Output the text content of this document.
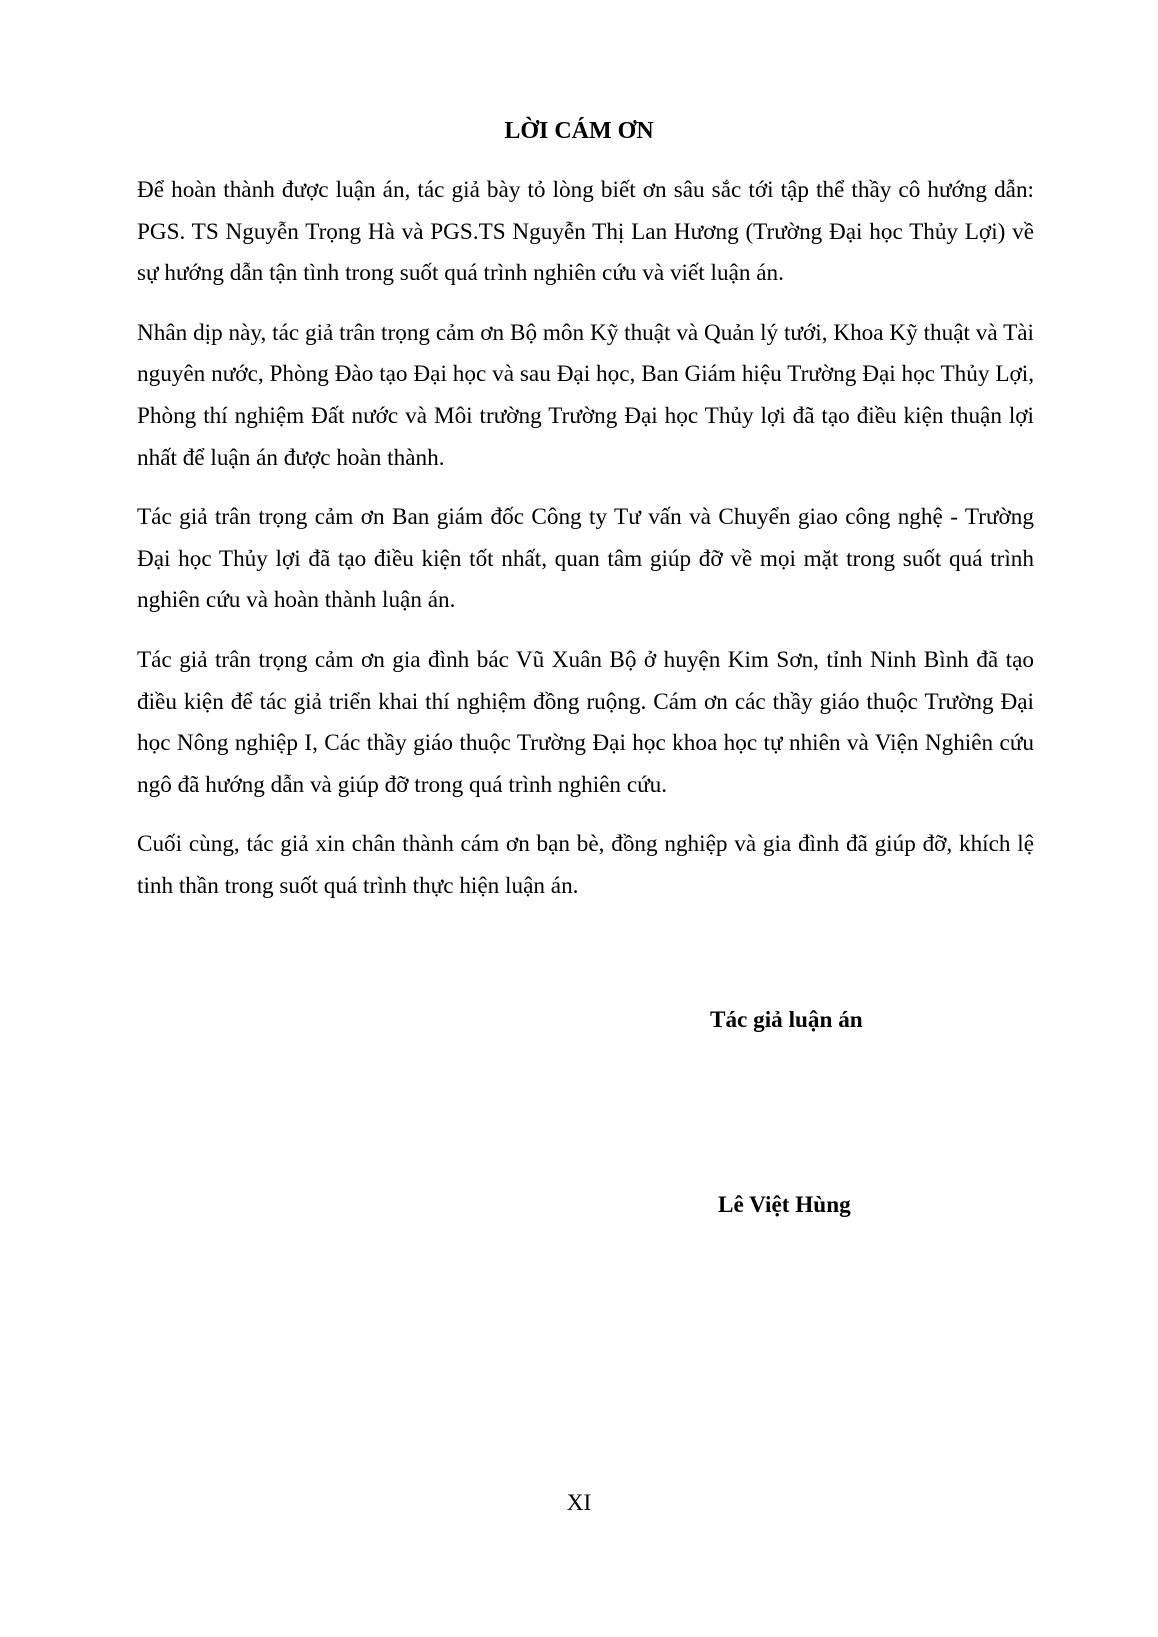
LỜI CÁM ƠN

Để hoàn thành được luận án, tác giả bày tỏ lòng biết ơn sâu sắc tới tập thể thầy cô hướng dẫn: PGS. TS Nguyễn Trọng Hà và PGS.TS Nguyễn Thị Lan Hương (Trường Đại học Thủy Lợi) về sự hướng dẫn tận tình trong suốt quá trình nghiên cứu và viết luận án.

Nhân dịp này, tác giả trân trọng cảm ơn Bộ môn Kỹ thuật và Quản lý tưới, Khoa Kỹ thuật và Tài nguyên nước, Phòng Đào tạo Đại học và sau Đại học, Ban Giám hiệu Trường Đại học Thủy Lợi, Phòng thí nghiệm Đất nước và Môi trường Trường Đại học Thủy lợi đã tạo điều kiện thuận lợi nhất để luận án được hoàn thành.

Tác giả trân trọng cảm ơn Ban giám đốc Công ty Tư vấn và Chuyển giao công nghệ - Trường Đại học Thủy lợi đã tạo điều kiện tốt nhất, quan tâm giúp đỡ về mọi mặt trong suốt quá trình nghiên cứu và hoàn thành luận án.

Tác giả trân trọng cảm ơn gia đình bác Vũ Xuân Bộ ở huyện Kim Sơn, tỉnh Ninh Bình đã tạo điều kiện để tác giả triển khai thí nghiệm đồng ruộng. Cám ơn các thầy giáo thuộc Trường Đại học Nông nghiệp I, Các thầy giáo thuộc Trường Đại học khoa học tự nhiên và Viện Nghiên cứu ngô đã hướng dẫn và giúp đỡ trong quá trình nghiên cứu.

Cuối cùng, tác giả xin chân thành cám ơn bạn bè, đồng nghiệp và gia đình đã giúp đỡ, khích lệ tinh thần trong suốt quá trình thực hiện luận án.

Tác giả luận án

Lê Việt Hùng

XI
